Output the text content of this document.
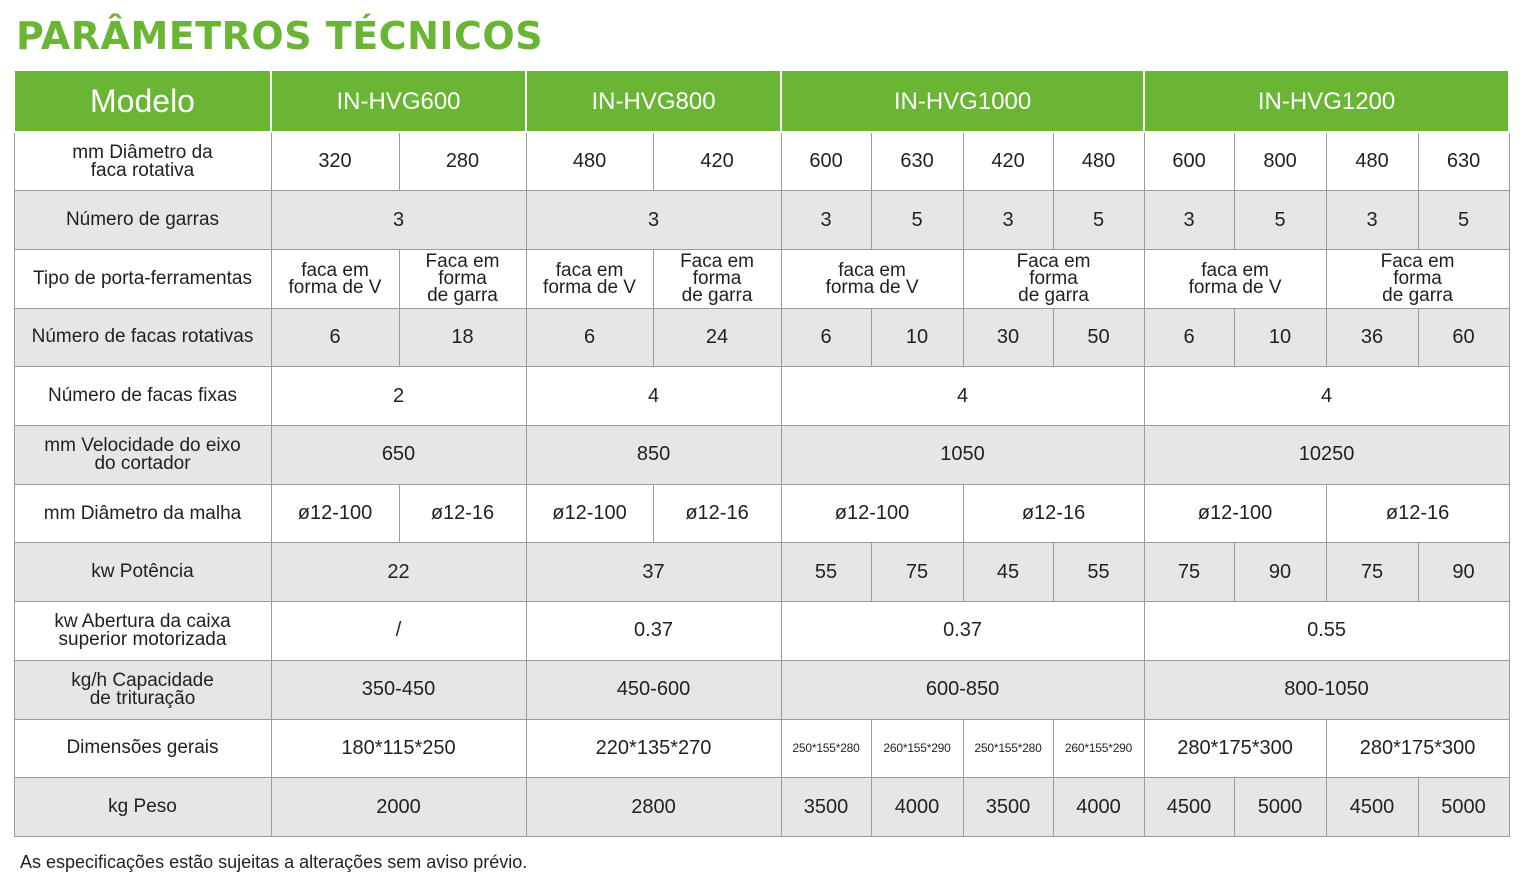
PARÂMETROS TÉCNICOS
Modelo	IN-HVG600		IN-HVG800		IN-HVG1000				IN-HVG1200			
mm Diâmetro da
faca rotativa	320	280	480	420	600	630	420	480	600	800	480	630
Número de garras	3		3		3	5	3	5	3	5	3	5
Tipo de porta-ferramentas	faca em
forma de V	Faca em
forma
de garra	faca em
forma de V	Faca em
forma
de garra	faca em
forma de V		Faca em
forma
de garra		faca em
forma de V		Faca em
forma
de garra	
Número de facas rotativas	6	18	6	24	6	10	30	50	6	10	36	60
Número de facas fixas	2		4		4				4			
mm Velocidade do eixo
do cortador	650		850		1050				10250			
mm Diâmetro da malha	ø12-100	ø12-16	ø12-100	ø12-16	ø12-100		ø12-16		ø12-100		ø12-16	
kw Potência	22		37		55	75	45	55	75	90	75	90
kw Abertura da caixa
superior motorizada	/		0.37		0.37				0.55			
kg/h Capacidade
de trituração	350-450		450-600		600-850				800-1050			
Dimensões gerais	180*115*250		220*135*270		250*155*280	260*155*290	250*155*280	260*155*290	280*175*300		280*175*300	
kg Peso	2000		2800		3500	4000	3500	4000	4500	5000	4500	5000

As especificações estão sujeitas a alterações sem aviso prévio.
